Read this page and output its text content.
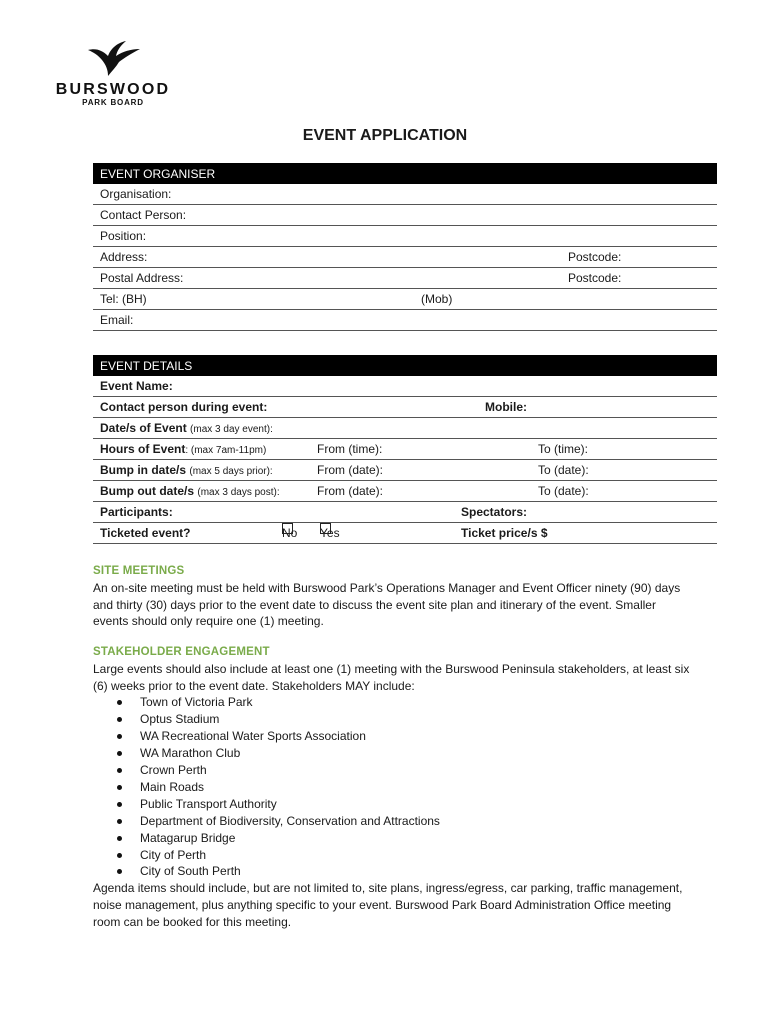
BURSWOOD
PARK BOARD
EVENT APPLICATION
EVENT ORGANISER
Organisation:
Contact Person:
Position:
Address:	Postcode:
Postal Address:	Postcode:
Tel: (BH)	(Mob)
Email:
EVENT DETAILS
Event Name:
Contact person during event:	Mobile:
Date/s of Event (max 3 day event):
Hours of Event: (max 7am-11pm)	From (time):	To (time):
Bump in date/s (max 5 days prior):	From (date):	To (date):
Bump out date/s (max 3 days post):	From (date):	To (date):
Participants:	Spectators:
Ticketed event?	No Yes	Ticket price/s $
SITE MEETINGS
An on-site meeting must be held with Burswood Park’s Operations Manager and Event Officer ninety (90) days and thirty (30) days prior to the event date to discuss the event site plan and itinerary of the event. Smaller events should only require one (1) meeting.
STAKEHOLDER ENGAGEMENT
Large events should also include at least one (1) meeting with the Burswood Peninsula stakeholders, at least six (6) weeks prior to the event date. Stakeholders MAY include:
Town of Victoria Park
Optus Stadium
WA Recreational Water Sports Association
WA Marathon Club
Crown Perth
Main Roads
Public Transport Authority
Department of Biodiversity, Conservation and Attractions
Matagarup Bridge
City of Perth
City of South Perth
Agenda items should include, but are not limited to, site plans, ingress/egress, car parking, traffic management, noise management, plus anything specific to your event. Burswood Park Board Administration Office meeting room can be booked for this meeting.
